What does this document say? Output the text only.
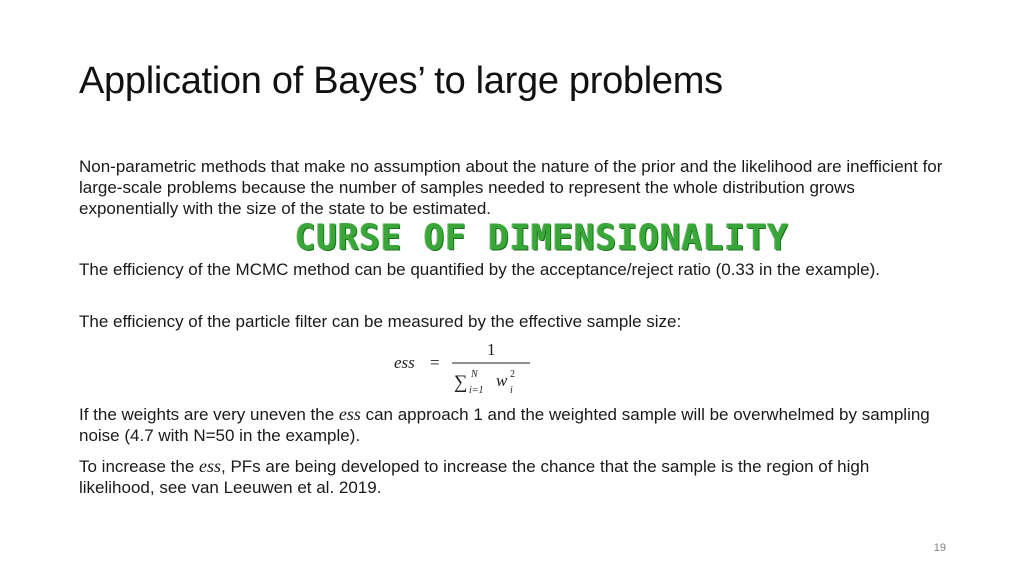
Application of Bayes’ to large problems
Non-parametric methods that make no assumption about the nature of the prior and the likelihood are inefficient for large-scale problems because the number of samples needed to represent the whole distribution grows exponentially with the size of the state to be estimated.
CURSE OF DIMENSIONALITY
The efficiency of the MCMC method can be quantified by the acceptance/reject ratio (0.33 in the example).
The efficiency of the particle filter can be measured by the effective sample size:
ess =
1
∑ N
i=1
w 2
i
If the weights are very uneven the ess can approach 1 and the weighted sample will be overwhelmed by sampling noise (4.7 with N=50 in the example).
To increase the ess, PFs are being developed to increase the chance that the sample is the region of high likelihood, see van Leeuwen et al. 2019.
19
